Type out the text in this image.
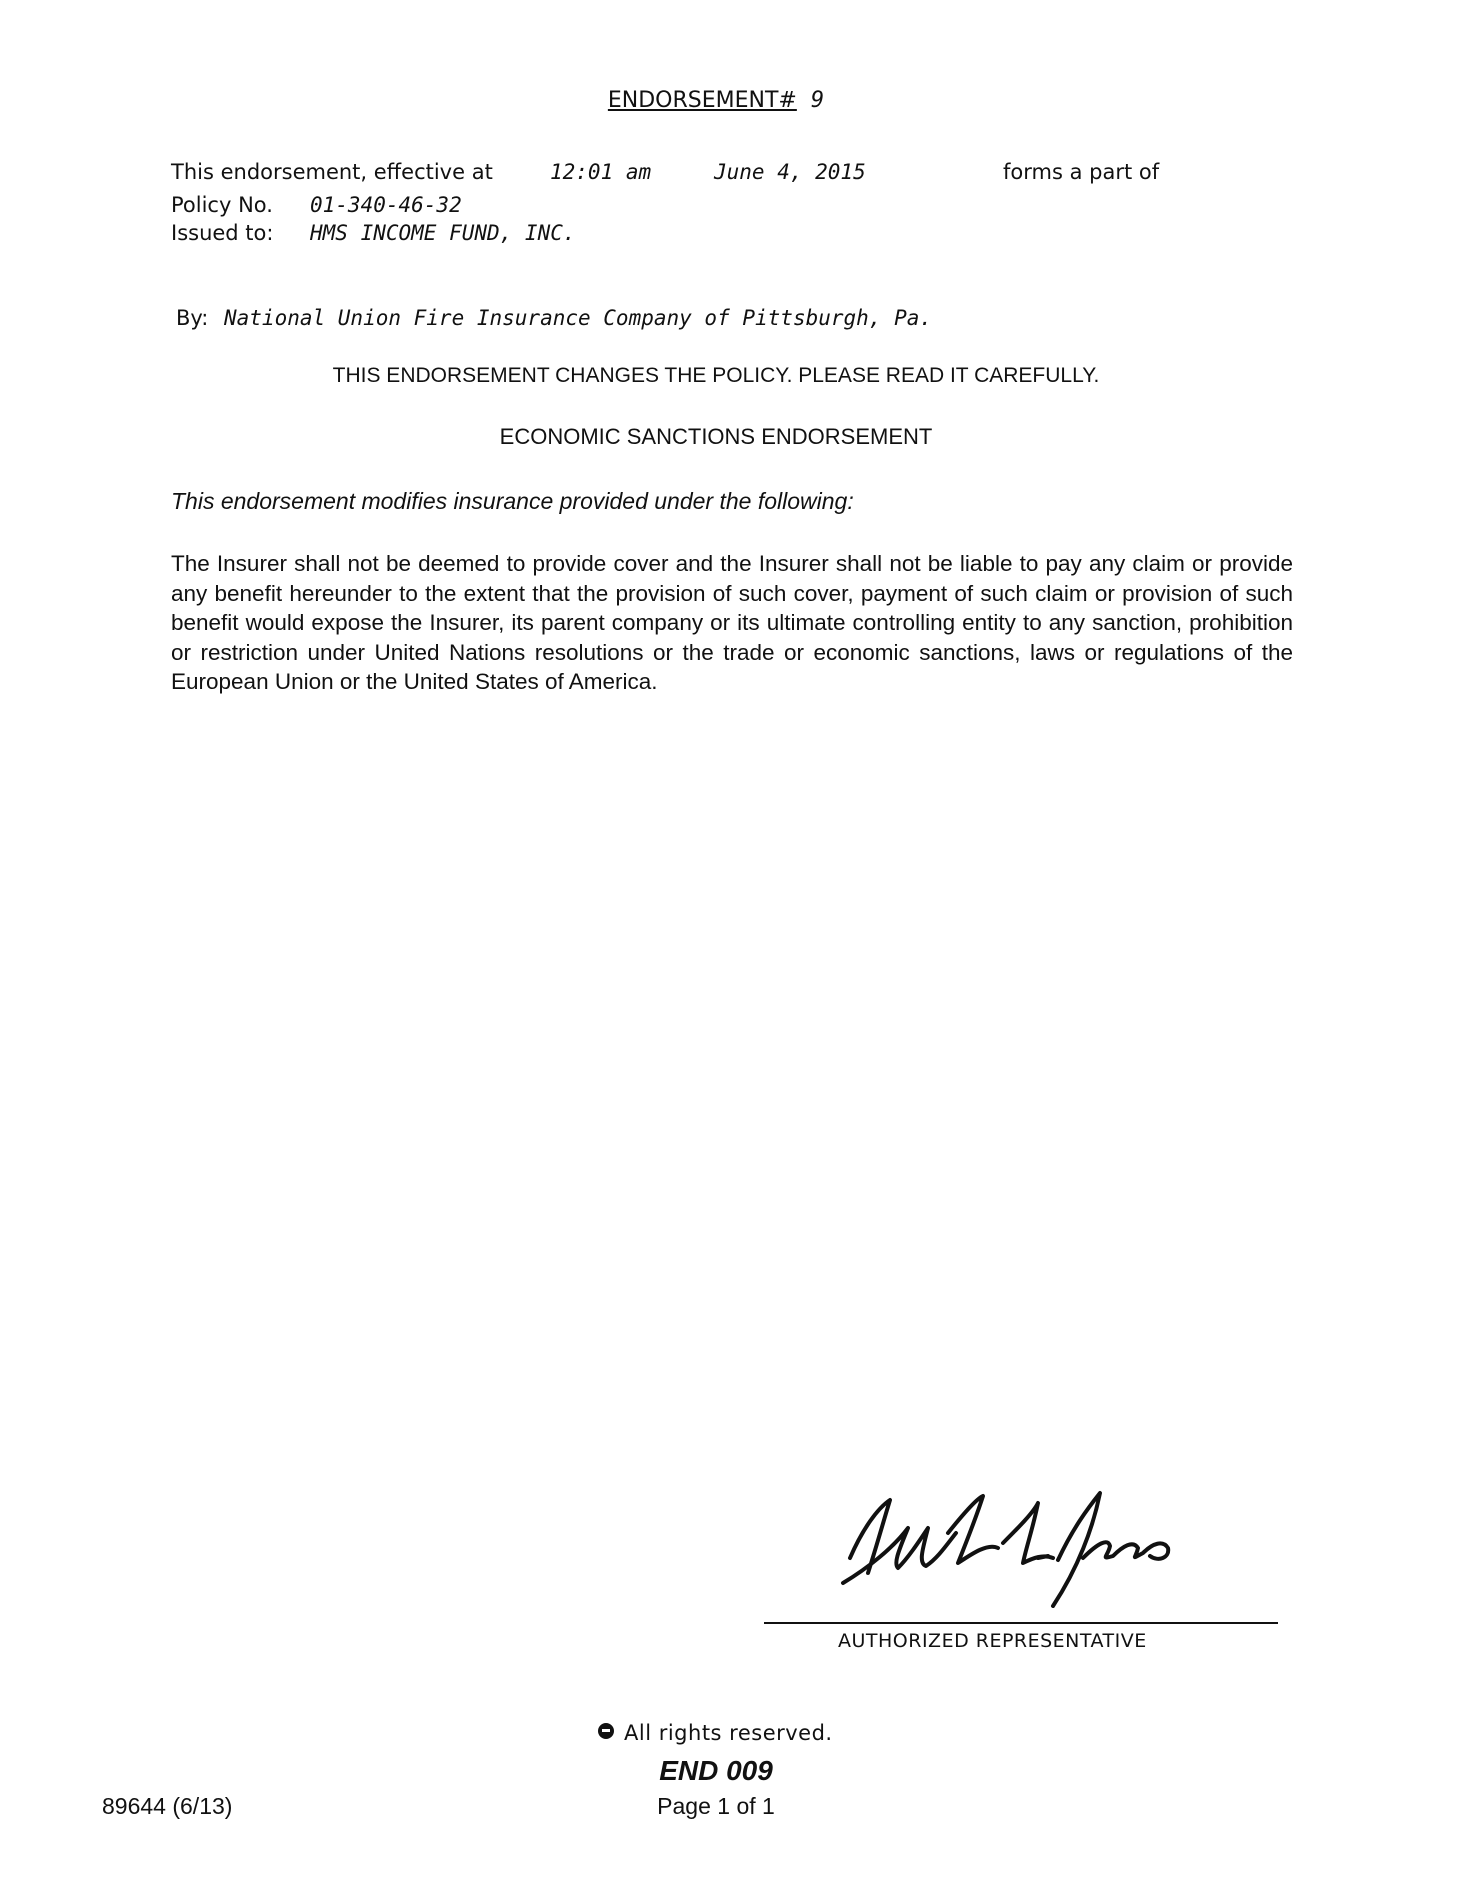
ENDORSEMENT# 9
This endorsement, effective at	12:01 am	June 4, 2015	forms a part of
Policy No. 01-340-46-32
Issued to: HMS INCOME FUND, INC.
By: National Union Fire Insurance Company of Pittsburgh, Pa.
THIS ENDORSEMENT CHANGES THE POLICY. PLEASE READ IT CAREFULLY.
ECONOMIC SANCTIONS ENDORSEMENT
This endorsement modifies insurance provided under the following:
The Insurer shall not be deemed to provide cover and the Insurer shall not be liable to pay any claim or provide any benefit hereunder to the extent that the provision of such cover, payment of such claim or provision of such benefit would expose the Insurer, its parent company or its ultimate controlling entity to any sanction, prohibition or restriction under United Nations resolutions or the trade or economic sanctions, laws or regulations of the European Union or the United States of America.
AUTHORIZED REPRESENTATIVE
All rights reserved.
END 009
89644 (6/13)	Page 1 of 1
